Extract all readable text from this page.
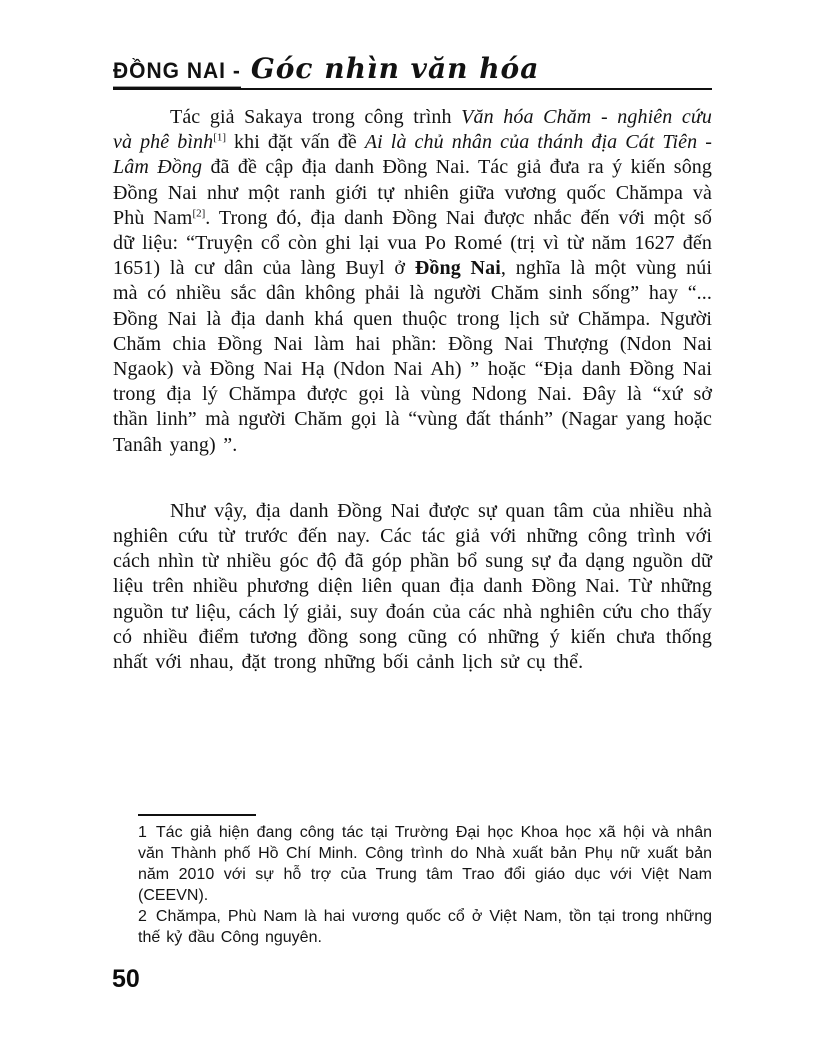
ĐỒNG NAI -Góc nhìn văn hóa

Tác giả Sakaya trong công trình Văn hóa Chăm - nghiên cứu và phê bình[1] khi đặt vấn đề Ai là chủ nhân của thánh địa Cát Tiên - Lâm Đồng đã đề cập địa danh Đồng Nai. Tác giả đưa ra ý kiến sông Đồng Nai như một ranh giới tự nhiên giữa vương quốc Chămpa và Phù Nam[2]. Trong đó, địa danh Đồng Nai được nhắc đến với một số dữ liệu: “Truyện cổ còn ghi lại vua Po Romé (trị vì từ năm 1627 đến 1651) là cư dân của làng Buyl ở Đồng Nai, nghĩa là một vùng núi mà có nhiều sắc dân không phải là người Chăm sinh sống” hay “... Đồng Nai là địa danh khá quen thuộc trong lịch sử Chămpa. Người Chăm chia Đồng Nai làm hai phần: Đồng Nai Thượng (Ndon Nai Ngaok) và Đồng Nai Hạ (Ndon Nai Ah) ” hoặc “Địa danh Đồng Nai trong địa lý Chămpa được gọi là vùng Ndong Nai. Đây là “xứ sở thần linh” mà người Chăm gọi là “vùng đất thánh” (Nagar yang hoặc Tanâh yang) ”.

Như vậy, địa danh Đồng Nai được sự quan tâm của nhiều nhà nghiên cứu từ trước đến nay. Các tác giả với những công trình với cách nhìn từ nhiều góc độ đã góp phần bổ sung sự đa dạng nguồn dữ liệu trên nhiều phương diện liên quan địa danh Đồng Nai. Từ những nguồn tư liệu, cách lý giải, suy đoán của các nhà nghiên cứu cho thấy có nhiều điểm tương đồng song cũng có những ý kiến chưa thống nhất với nhau, đặt trong những bối cảnh lịch sử cụ thể.

1 Tác giả hiện đang công tác tại Trường Đại học Khoa học xã hội và nhân văn Thành phố Hồ Chí Minh. Công trình do Nhà xuất bản Phụ nữ xuất bản năm 2010 với sự hỗ trợ của Trung tâm Trao đổi giáo dục với Việt Nam (CEEVN).

2 Chămpa, Phù Nam là hai vương quốc cổ ở Việt Nam, tồn tại trong những thế kỷ đầu Công nguyên.

50
